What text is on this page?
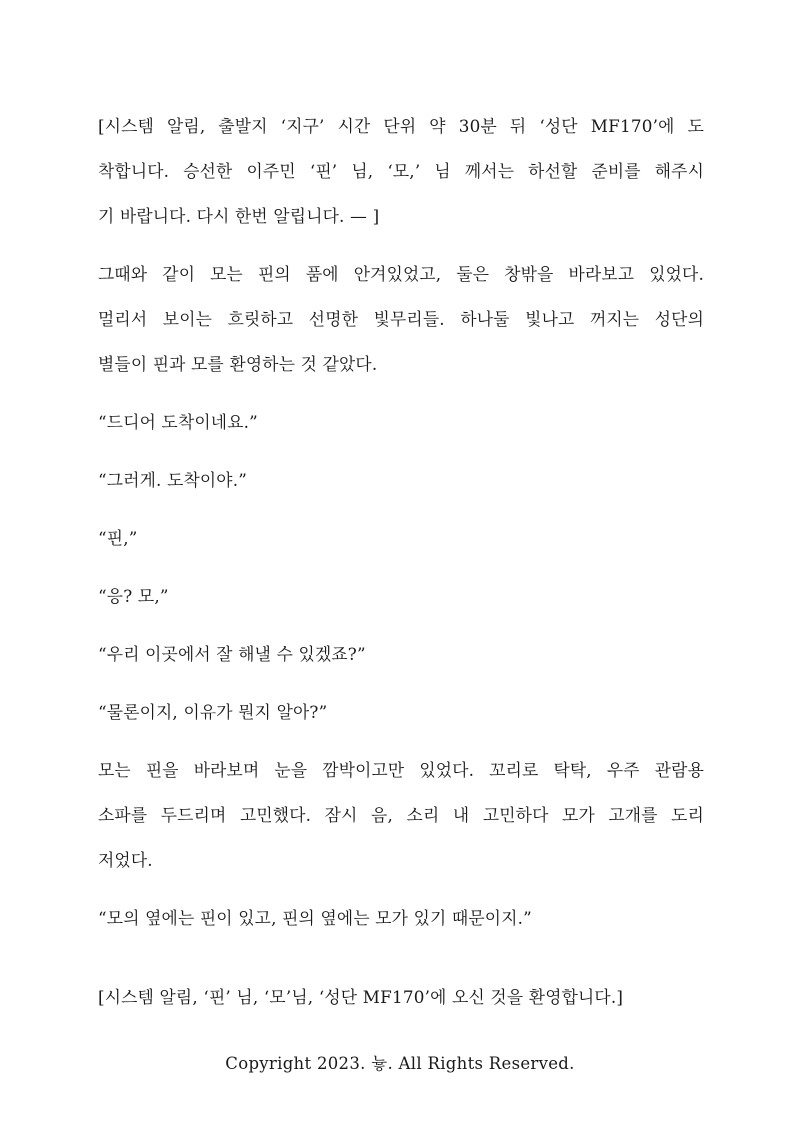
[시스템 알림, 출발지 ‘지구’ 시간 단위 약 30분 뒤 ‘성단 MF170’에 도
착합니다. 승선한 이주민 ‘핀’ 님, ‘모,’ 님 께서는 하선할 준비를 해주시
기 바랍니다. 다시 한번 알립니다. — ]
그때와 같이 모는 핀의 품에 안겨있었고, 둘은 창밖을 바라보고 있었다.
멀리서 보이는 흐릿하고 선명한 빛무리들. 하나둘 빛나고 꺼지는 성단의
별들이 핀과 모를 환영하는 것 같았다.
“드디어 도착이네요.”
“그러게. 도착이야.”
“핀,”
“응? 모,”
“우리 이곳에서 잘 해낼 수 있겠죠?”
“물론이지, 이유가 뭔지 알아?”
모는 핀을 바라보며 눈을 깜박이고만 있었다. 꼬리로 탁탁, 우주 관람용
소파를 두드리며 고민했다. 잠시 음, 소리 내 고민하다 모가 고개를 도리
저었다.
“모의 옆에는 핀이 있고, 핀의 옆에는 모가 있기 때문이지.”
[시스템 알림, ‘핀’ 님, ‘모’님, ‘성단 MF170’에 오신 것을 환영합니다.]
Copyright 2023. 늏. All Rights Reserved.
